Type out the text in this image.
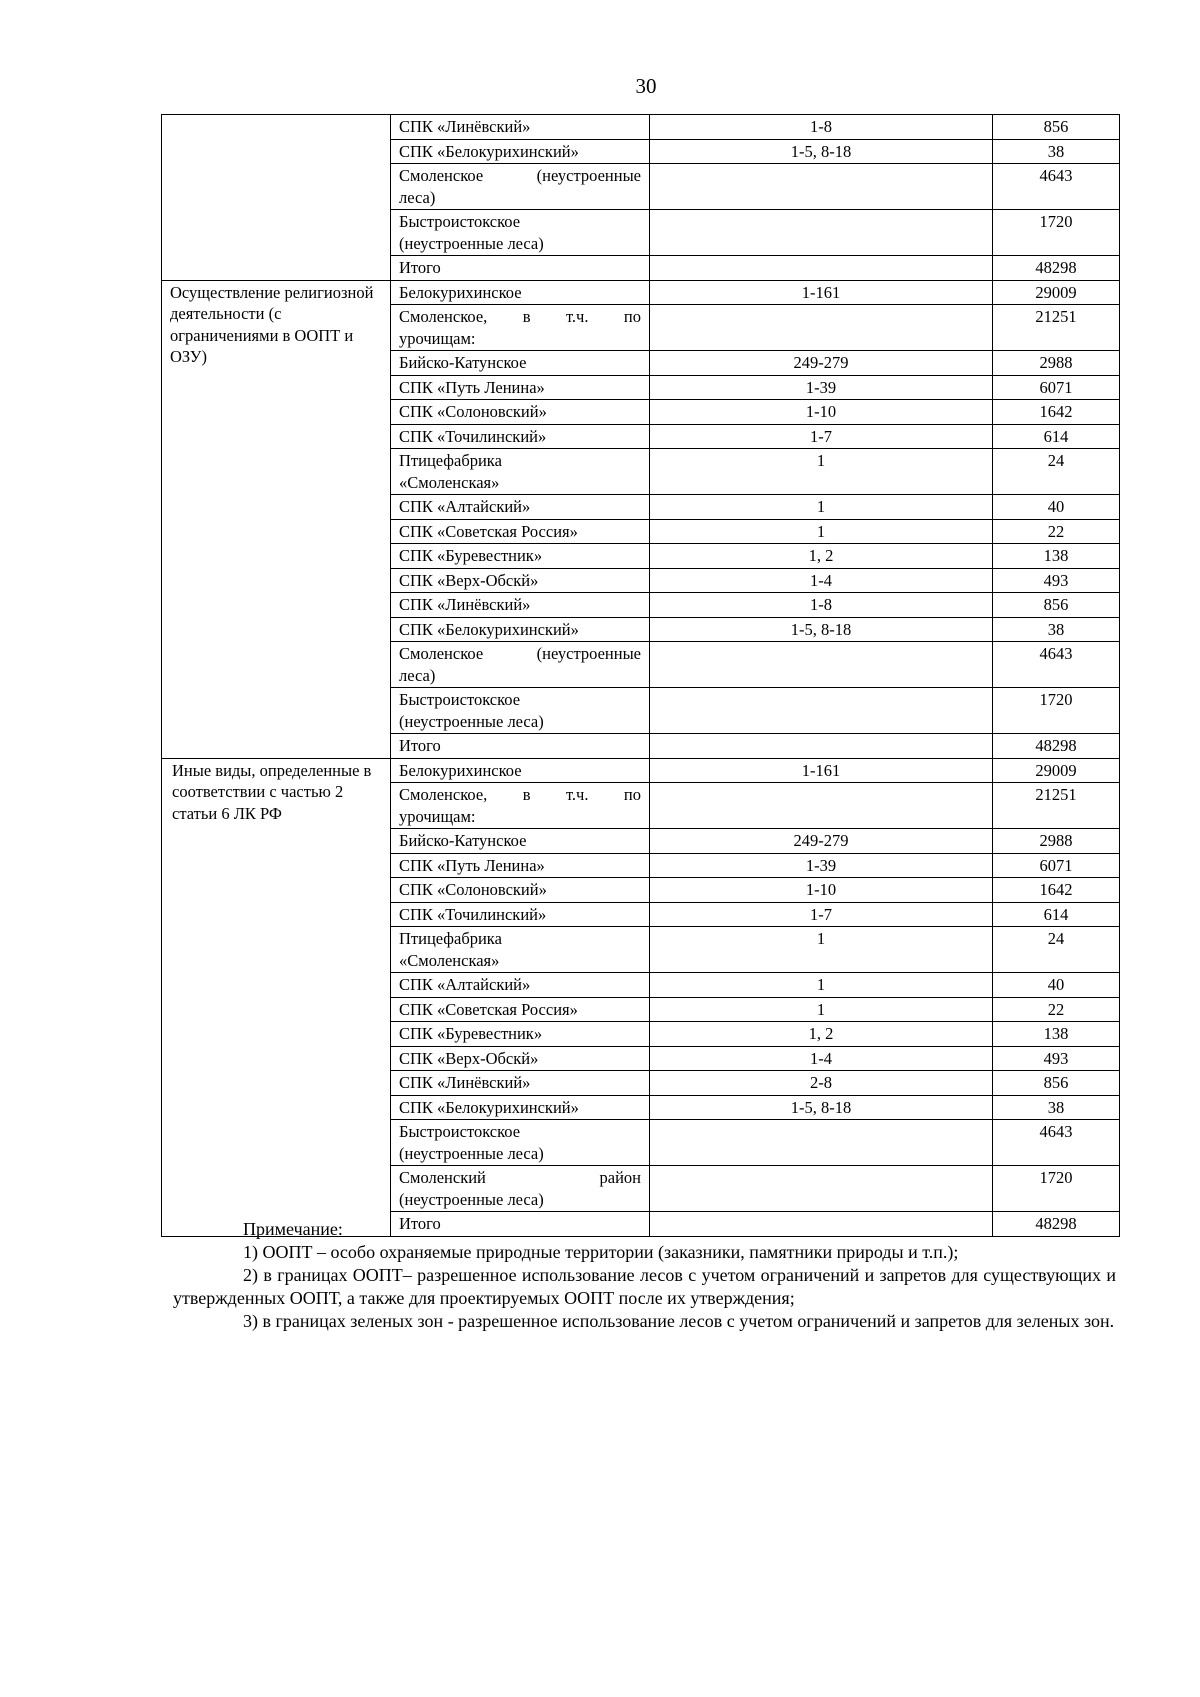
30
	СПК «Линёвский»	1-8	856
	СПК «Белокурихинский»	1-5, 8-18	38

	Смоленское (неустроенные
леса)		4643

	Быстроистокское
(неустроенные леса)		1720
	Итого		48298
Осуществление религиозной деятельности (с ограничениями в ООПТ и ОЗУ)	Белокурихинское	1-161	29009

	Смоленское, в т.ч. по
урочищам:		21251
	Бийско-Катунское	249-279	2988
	СПК «Путь Ленина»	1-39	6071
	СПК «Солоновский»	1-10	1642
	СПК «Точилинский»	1-7	614

	Птицефабрика
«Смоленская»	1	24
	СПК «Алтайский»	1	40
	СПК «Советская Россия»	1	22
	СПК «Буревестник»	1, 2	138
	СПК «Верх-Обскй»	1-4	493
	СПК «Линёвский»	1-8	856
	СПК «Белокурихинский»	1-5, 8-18	38

	Смоленское (неустроенные
леса)		4643

	Быстроистокское
(неустроенные леса)		1720
	Итого		48298
Иные виды, определенные в соответствии с частью 2 статьи 6 ЛК РФ	Белокурихинское	1-161	29009

	Смоленское, в т.ч. по
урочищам:		21251
	Бийско-Катунское	249-279	2988
	СПК «Путь Ленина»	1-39	6071
	СПК «Солоновский»	1-10	1642
	СПК «Точилинский»	1-7	614

	Птицефабрика
«Смоленская»	1	24
	СПК «Алтайский»	1	40
	СПК «Советская Россия»	1	22
	СПК «Буревестник»	1, 2	138
	СПК «Верх-Обскй»	1-4	493
	СПК «Линёвский»	2-8	856
	СПК «Белокурихинский»	1-5, 8-18	38

	Быстроистокское
(неустроенные леса)		4643

	Смоленский район
(неустроенные леса)		1720
	Итого		48298

Примечание:

1) ООПТ – особо охраняемые природные территории (заказники, памятники природы и т.п.);

2) в границах ООПТ– разрешенное использование лесов с учетом ограничений и запретов для существующих и утвержденных ООПТ, а также для проектируемых ООПТ после их утверждения;

3) в границах зеленых зон - разрешенное использование лесов с учетом ограничений и запретов для зеленых зон.
